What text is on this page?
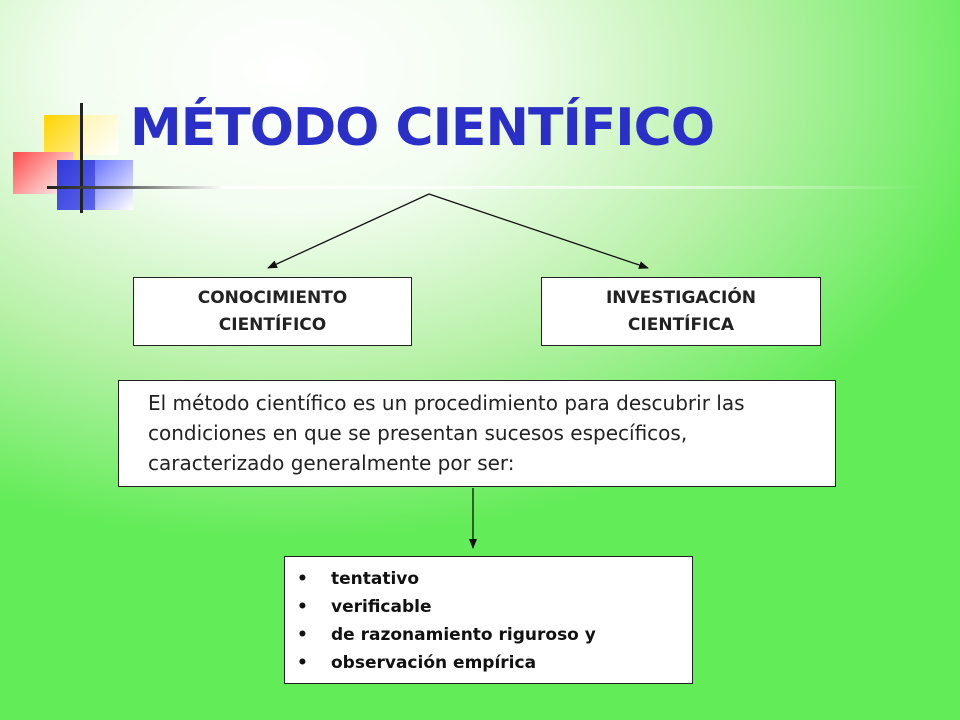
MÉTODO CIENTÍFICO
CONOCIMIENTO
CIENTÍFICO
INVESTIGACIÓN
CIENTÍFICA
El método científico es un procedimiento para descubrir las condiciones en que se presentan sucesos específicos, caracterizado generalmente por ser:
• tentativo
• verificable
• de razonamiento riguroso y
• observación empírica
